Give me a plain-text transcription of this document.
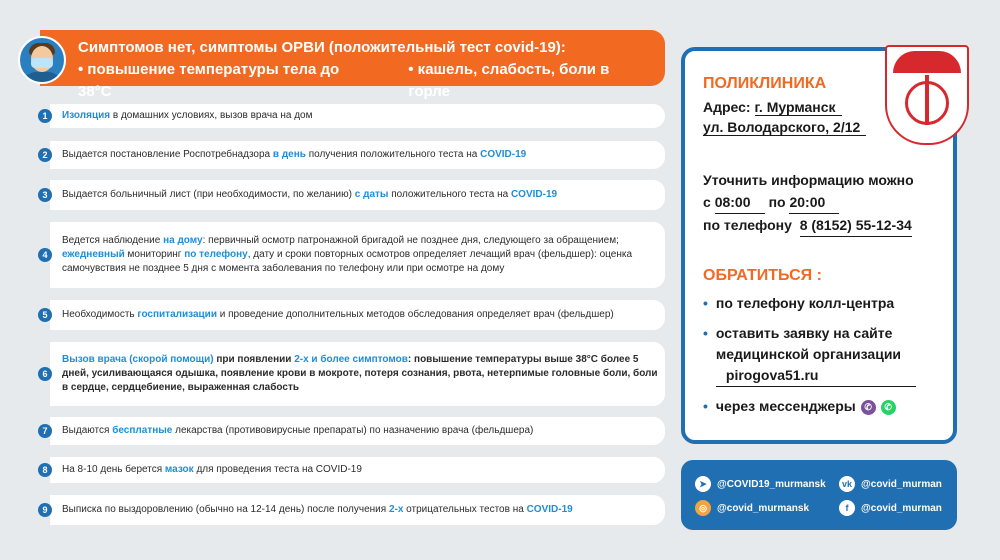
Симптомов нет, симптомы ОРВИ (положительный тест covid-19):
• повышение температуры тела до 38°C
• кашель, слабость, боли в горле
1	Изоляция в домашних условиях, вызов врача на дом
2	Выдается постановление Роспотребнадзора в день получения положительного теста на COVID-19
3	Выдается больничный лист (при необходимости, по желанию) с даты положительного теста на COVID-19
4
Ведется наблюдение на дому: первичный осмотр патронажной бригадой не позднее дня, следующего за обращением; ежедневный мониторинг по телефону, дату и сроки повторных осмотров определяет лечащий врач (фельдшер): оценка самочувствия не позднее 5 дня с момента заболевания по телефону или при осмотре на дому
5	Необходимость госпитализации и проведение дополнительных методов обследования определяет врач (фельдшер)
6
Вызов врача (скорой помощи) при появлении 2-х и более симптомов: повышение температуры выше 38°C более 5 дней, усиливающаяся одышка, появление крови в мокроте, потеря сознания, рвота, нетерпимые головные боли, боли в сердце, сердцебиение, выраженная слабость
7	Выдаются бесплатные лекарства (противовирусные препараты) по назначению врача (фельдшера)
8	На 8-10 день берется мазок для проведения теста на COVID-19
9	Выписка по выздоровлению (обычно на 12-14 день) после получения 2-х отрицательных тестов на COVID-19
ПОЛИКЛИНИКА
Адрес: г. Мурманск
ул. Володарского, 2/12
Уточнить информацию можно
с 08:00 по 20:00
по телефону 8 (8152) 55-12-34
ОБРАТИТЬСЯ :
• по телефону колл-центра
• оставить заявку на сайте медицинской организации
pirogova51.ru
• через мессенджеры ✆ ✆
➤	@COVID19_murmansk	vk @covid_murman
◎	@covid_murmansk	f	@covid_murman
